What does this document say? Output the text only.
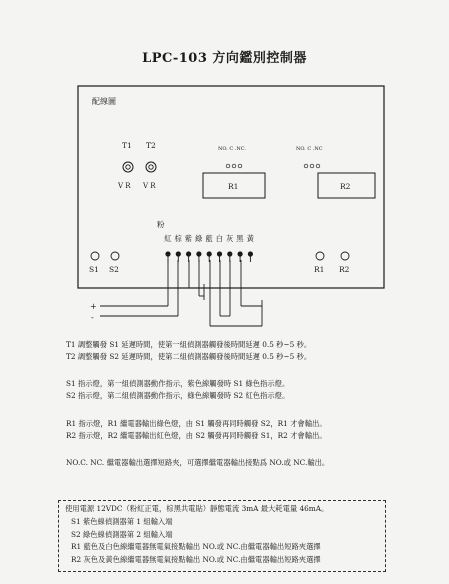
LPC-103 方向鑑別控制器
配線圖
T1 T2
V R V R
NO. C .NC.
R1
NO. C .NC
R2
粉
紅 棕 紫 綠 藍 白 灰 黑 黃
S1 S2	R1 R2
+
-
T1 調整觸發 S1 延遲時間，使第一組偵測器觸發後時間延遲 0.5 秒~5 秒。
T2 調整觸發 S2 延遲時間，使第二組偵測器觸發後時間延遲 0.5 秒~5 秒。
S1 指示燈，第一組偵測器動作指示，紫色線觸發時 S1 綠色指示燈。
S2 指示燈，第二組偵測器動作指示，綠色線觸發時 S2 紅色指示燈。
R1 指示燈，R1 繼電器輸出綠色燈，由 S1 觸發再同時觸發 S2，R1 才會輸出。
R2 指示燈，R2 繼電器輸出紅色燈，由 S2 觸發再同時觸發 S1，R2 才會輸出。
NO.C. NC. 繼電器輸出選擇短路夾，可選擇繼電器輸出接點爲 NO.或 NC.輸出。
使用電源 12VDC（粉紅正電，棕黑共電貼）靜態電流 3mA 最大耗電量 46mA。
S1 紫色線偵測器第 1 組輸入端
S2 綠色線偵測器第 2 組輸入端
R1 藍色及白色線繼電器無電氣接點輸出 NO.或 NC.由繼電器輸出短路夾選擇
R2 灰色及黃色線繼電器無電氣接點輸出 NO.或 NC.由繼電器輸出短路夾選擇
